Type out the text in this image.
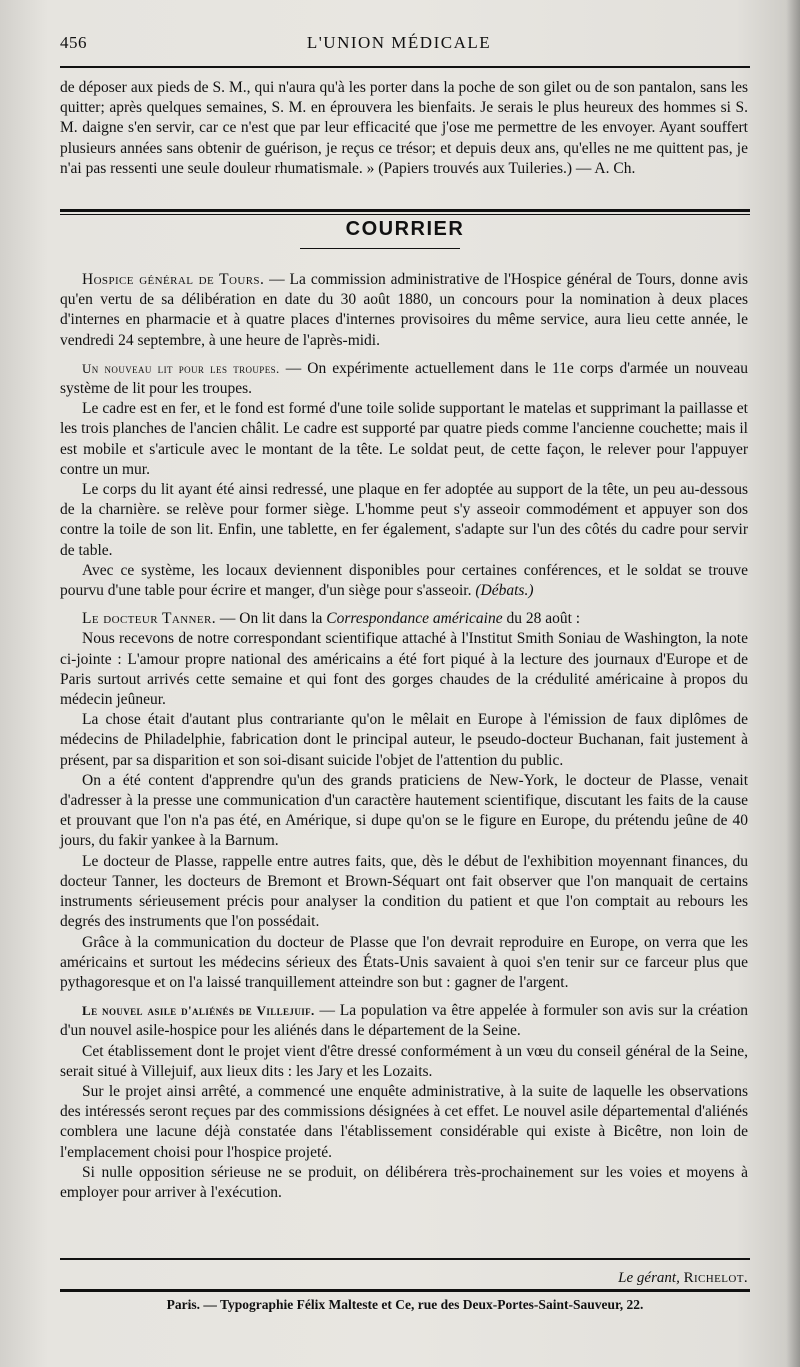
456	L'UNION MÉDICALE

de déposer aux pieds de S. M., qui n'aura qu'à les porter dans la poche de son gilet ou de son pantalon, sans les quitter; après quelques semaines, S. M. en éprouvera les bienfaits. Je serais le plus heureux des hommes si S. M. daigne s'en servir, car ce n'est que par leur efficacité que j'ose me permettre de les envoyer. Ayant souffert plusieurs années sans obtenir de guérison, je reçus ce trésor; et depuis deux ans, qu'elles ne me quittent pas, je n'ai pas ressenti une seule douleur rhumatismale. » (Papiers trouvés aux Tuileries.) — A. Ch.

COURRIER

Hospice général de Tours. — La commission administrative de l'Hospice général de Tours, donne avis qu'en vertu de sa délibération en date du 30 août 1880, un concours pour la nomination à deux places d'internes en pharmacie et à quatre places d'internes provisoires du même service, aura lieu cette année, le vendredi 24 septembre, à une heure de l'après-midi.

Un nouveau lit pour les troupes. — On expérimente actuellement dans le 11e corps d'armée un nouveau système de lit pour les troupes.

Le cadre est en fer, et le fond est formé d'une toile solide supportant le matelas et supprimant la paillasse et les trois planches de l'ancien châlit. Le cadre est supporté par quatre pieds comme l'ancienne couchette; mais il est mobile et s'articule avec le montant de la tête. Le soldat peut, de cette façon, le relever pour l'appuyer contre un mur.

Le corps du lit ayant été ainsi redressé, une plaque en fer adoptée au support de la tête, un peu au-dessous de la charnière. se relève pour former siège. L'homme peut s'y asseoir commodément et appuyer son dos contre la toile de son lit. Enfin, une tablette, en fer également, s'adapte sur l'un des côtés du cadre pour servir de table.

Avec ce système, les locaux deviennent disponibles pour certaines conférences, et le soldat se trouve pourvu d'une table pour écrire et manger, d'un siège pour s'asseoir. (Débats.)

Le docteur Tanner. — On lit dans la Correspondance américaine du 28 août :

Nous recevons de notre correspondant scientifique attaché à l'Institut Smith Soniau de Washington, la note ci-jointe : L'amour propre national des américains a été fort piqué à la lecture des journaux d'Europe et de Paris surtout arrivés cette semaine et qui font des gorges chaudes de la crédulité américaine à propos du médecin jeûneur.

La chose était d'autant plus contrariante qu'on le mêlait en Europe à l'émission de faux diplômes de médecins de Philadelphie, fabrication dont le principal auteur, le pseudo-docteur Buchanan, fait justement à présent, par sa disparition et son soi-disant suicide l'objet de l'attention du public.

On a été content d'apprendre qu'un des grands praticiens de New-York, le docteur de Plasse, venait d'adresser à la presse une communication d'un caractère hautement scientifique, discutant les faits de la cause et prouvant que l'on n'a pas été, en Amérique, si dupe qu'on se le figure en Europe, du prétendu jeûne de 40 jours, du fakir yankee à la Barnum.

Le docteur de Plasse, rappelle entre autres faits, que, dès le début de l'exhibition moyennant finances, du docteur Tanner, les docteurs de Bremont et Brown-Séquart ont fait observer que l'on manquait de certains instruments sérieusement précis pour analyser la condition du patient et que l'on comptait au rebours les degrés des instruments que l'on possédait.

Grâce à la communication du docteur de Plasse que l'on devrait reproduire en Europe, on verra que les américains et surtout les médecins sérieux des États-Unis savaient à quoi s'en tenir sur ce farceur plus que pythagoresque et on l'a laissé tranquillement atteindre son but : gagner de l'argent.

Le nouvel asile d'aliénés de Villejuif. — La population va être appelée à formuler son avis sur la création d'un nouvel asile-hospice pour les aliénés dans le département de la Seine.

Cet établissement dont le projet vient d'être dressé conformément à un vœu du conseil général de la Seine, serait situé à Villejuif, aux lieux dits : les Jary et les Lozaits.

Sur le projet ainsi arrêté, a commencé une enquête administrative, à la suite de laquelle les observations des intéressés seront reçues par des commissions désignées à cet effet. Le nouvel asile départemental d'aliénés comblera une lacune déjà constatée dans l'établissement considérable qui existe à Bicêtre, non loin de l'emplacement choisi pour l'hospice projeté.

Si nulle opposition sérieuse ne se produit, on délibérera très-prochainement sur les voies et moyens à employer pour arriver à l'exécution.

Le gérant, Richelot.
Paris. — Typographie Félix Malteste et Ce, rue des Deux-Portes-Saint-Sauveur, 22.
